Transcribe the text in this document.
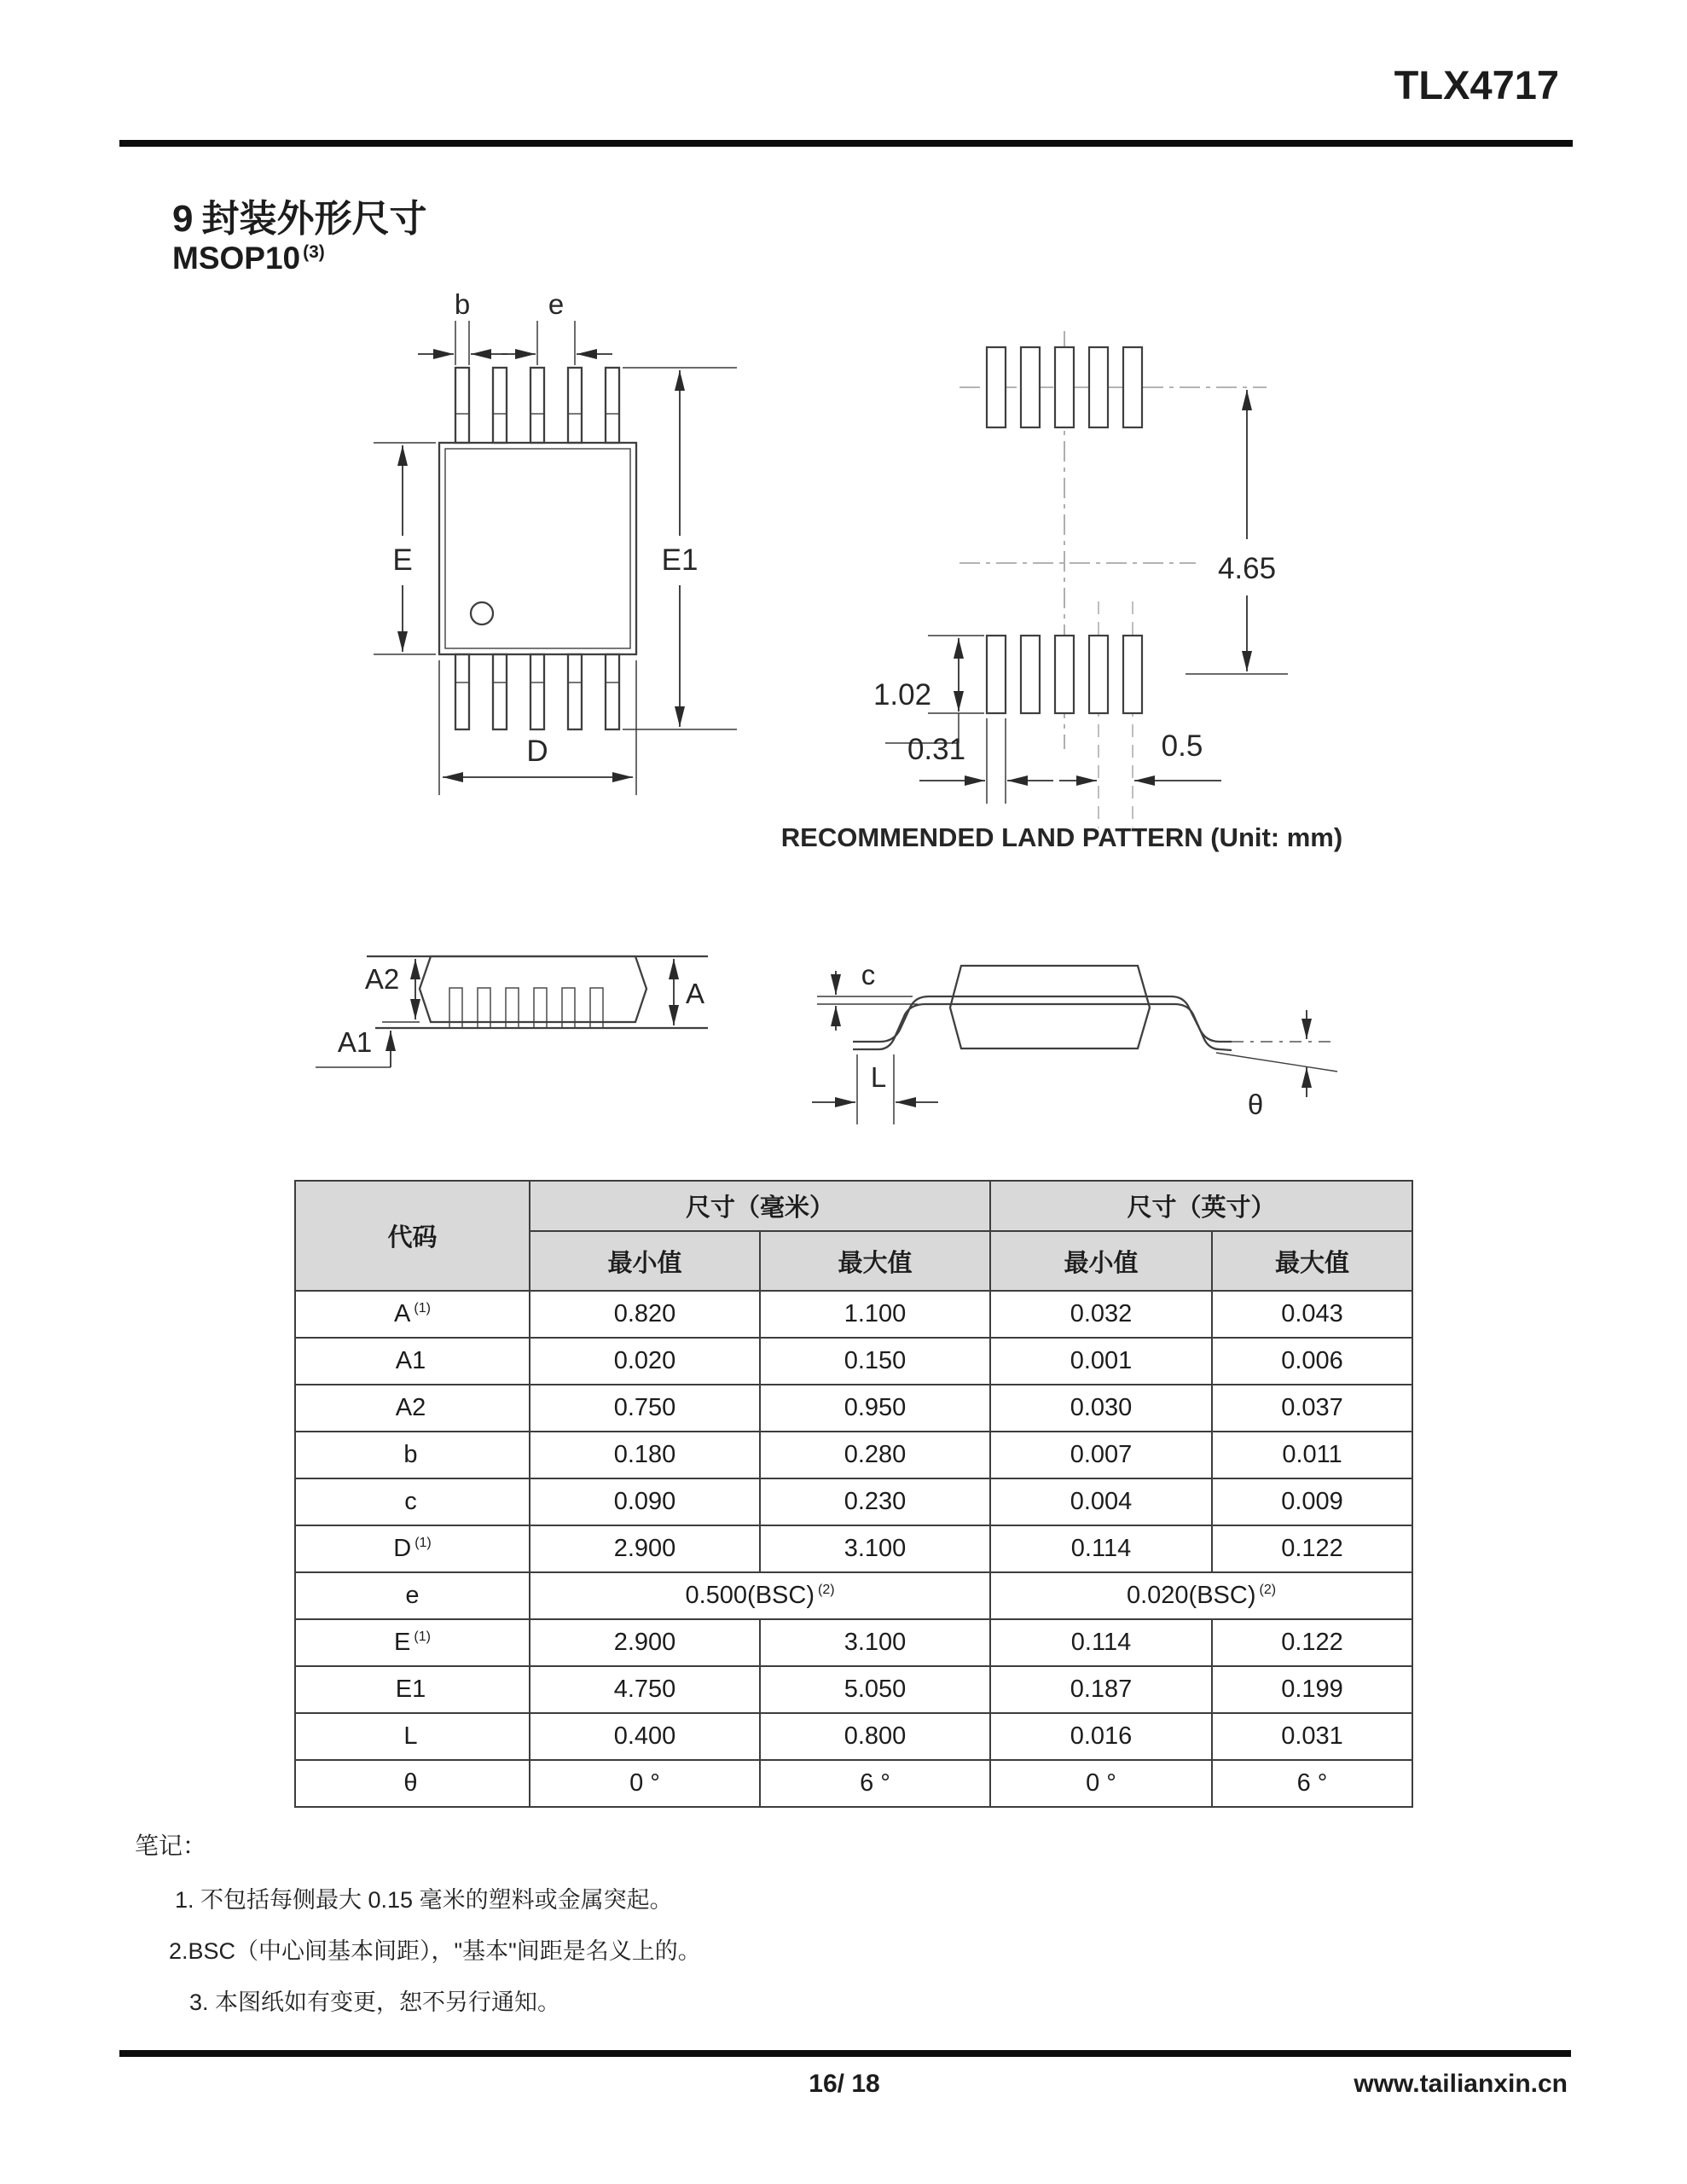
TLX4717
9 封装外形尺寸
MSOP10 $^{(3)}$
b	e
E	E1
D
4.65
1.02
0.31	0.5
RECOMMENDED LAND PATTERN (Unit: mm)
A2
A1
A
c
L
θ
代码	尺寸（毫米）		尺寸（英寸）	
	最小值	最大值	最小值	最大值
A $^{(1)}$	0.820	1.100	0.032	0.043
A1	0.020	0.150	0.001	0.006
A2	0.750	0.950	0.030	0.037
b	0.180	0.280	0.007	0.011
c	0.090	0.230	0.004	0.009
D $^{(1)}$	2.900	3.100	0.114	0.122
e	0.500(BSC) $^{(2)}$		0.020(BSC) $^{(2)}$
E $^{(1)}$	2.900	3.100	0.114	0.122
E1	4.750	5.050	0.187	0.199
L	0.400	0.800	0.016	0.031
θ	0 °	6 °	0 °	6 °
笔记：
1. 不包括每侧最大 0.15 毫米的塑料或金属突起。
2.BSC（中心间基本间距），"基本"间距是名义上的。
3. 本图纸如有变更，恕不另行通知。
16/ 18	www.tailianxin.cn
